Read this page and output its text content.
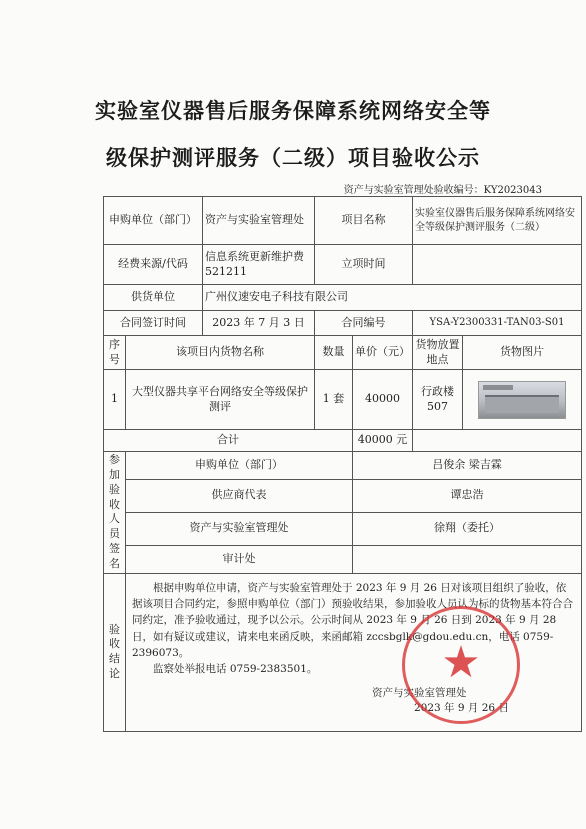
实验室仪器售后服务保障系统网络安全等
级保护测评服务（二级）项目验收公示
资产与实验室管理处验收编号：KY2023043
申购单位（部门）		资产与实验室管理处	项目名称		实验室仪器售后服务保障系统网络安全等级保护测评服务（二级）	
经费来源/代码		信息系统更新维护费 521211	立项时间			
供货单位		广州仪速安电子科技有限公司				
合同签订时间		2023 年 7 月 3 日	合同编号		YSA-Y2300331-TAN03-S01	
序号	该项目内货物名称		数量	单价（元）	货物放置地点	货物图片
1	大型仪器共享平台网络安全等级保护测评		1 套	40000	行政楼 507	

合计				40000 元		
参加验收人员签名	申购单位（部门）			吕俊余 梁吉霖		
	供应商代表			谭忠浩		
	资产与实验室管理处			徐翔（委托）		
	审计处					
验收结论	根据申购单位申请，资产与实验室管理处于 2023 年 9 月 26 日对该项目组织了验收，依据该项目合同约定，参照申购单位（部门）预验收结果，参加验收人员认为标的货物基本符合合同约定，准予验收通过，现予以公示。公示时间从 2023 年 9 月 26 日到 2023 年 9 月 28 日，如有疑议或建议，请来电来函反映，来函邮箱 zccsbglk@gdou.edu.cn，电话 0759-2396073。
监察处举报电话 0759-2383501。					
资产与实验室管理处
2023 年 9 月 26 日
★
